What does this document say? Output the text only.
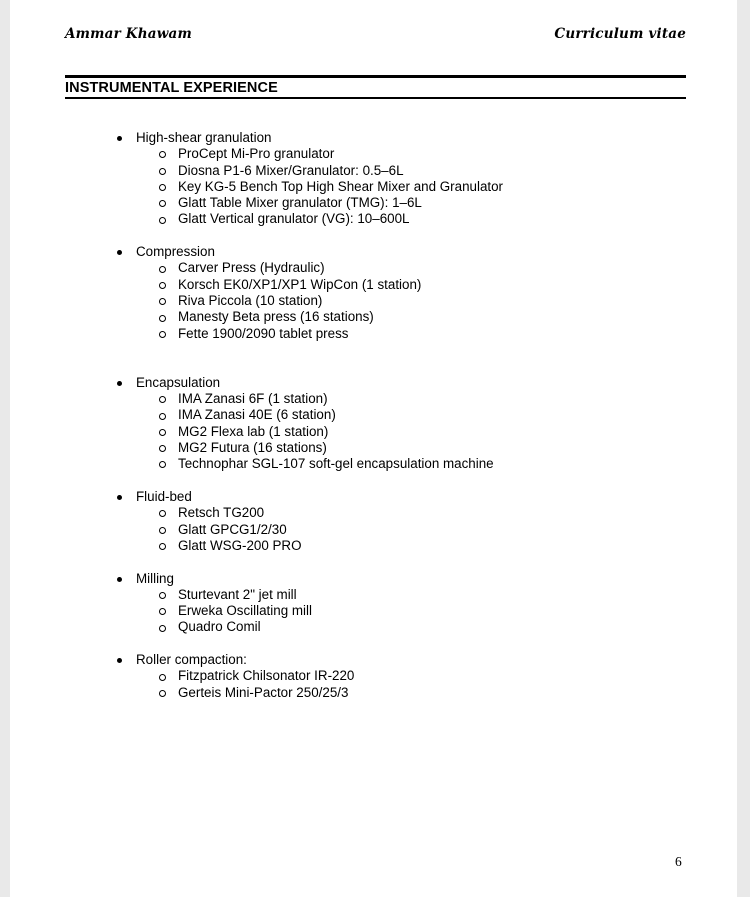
Ammar Khawam	Curriculum vitae
INSTRUMENTAL EXPERIENCE
High-shear granulation
ProCept Mi-Pro granulator
Diosna P1-6 Mixer/Granulator: 0.5–6L
Key KG-5 Bench Top High Shear Mixer and Granulator
Glatt Table Mixer granulator (TMG): 1–6L
Glatt Vertical granulator (VG): 10–600L
Compression
Carver Press (Hydraulic)
Korsch EK0/XP1/XP1 WipCon (1 station)
Riva Piccola (10 station)
Manesty Beta press (16 stations)
Fette 1900/2090 tablet press
Encapsulation
IMA Zanasi 6F (1 station)
IMA Zanasi 40E (6 station)
MG2 Flexa lab (1 station)
MG2 Futura (16 stations)
Technophar SGL-107 soft-gel encapsulation machine
Fluid-bed
Retsch TG200
Glatt GPCG1/2/30
Glatt WSG-200 PRO
Milling
Sturtevant 2" jet mill
Erweka Oscillating mill
Quadro Comil
Roller compaction:
Fitzpatrick Chilsonator IR-220
Gerteis Mini-Pactor 250/25/3
6
